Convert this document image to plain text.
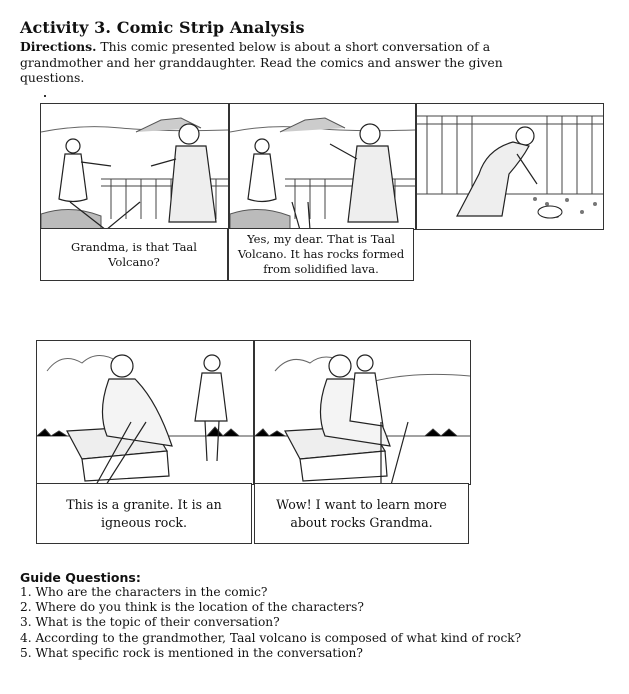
Activity 3. Comic Strip Analysis
Directions. This comic presented below is about a short conversation of a grandmother and her granddaughter. Read the comics and answer the given questions.
Grandma, is that Taal Volcano?
Yes, my dear. That is Taal Volcano. It has rocks formed from solidified lava.
This is a granite. It is an igneous rock.
Wow! I want to learn more about rocks Grandma.
Guide Questions:
1. Who are the characters in the comic?
2. Where do you think is the location of the characters?
3. What is the topic of their conversation?
4. According to the grandmother, Taal volcano is composed of what kind of rock?
5. What specific rock is mentioned in the conversation?
